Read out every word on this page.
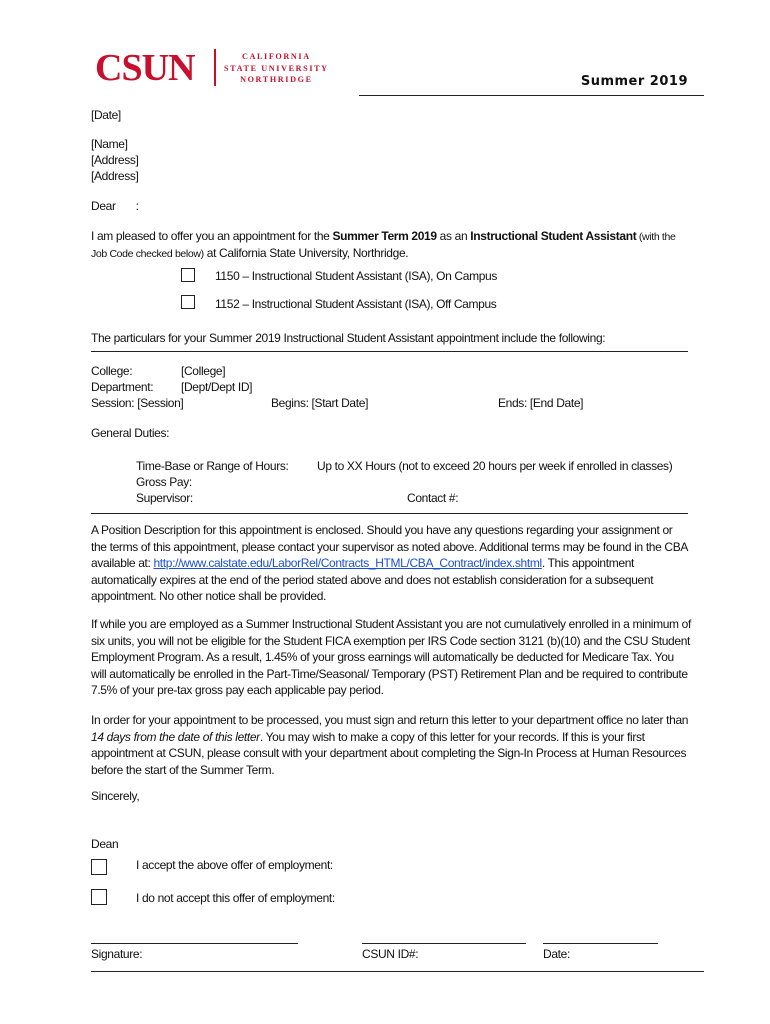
CSUN	CALIFORNIA
STATE UNIVERSITY
NORTHRIDGE	Summer 2019
[Date]
[Name]
[Address]
[Address]
Dear :
I am pleased to offer you an appointment for the Summer Term 2019 as an Instructional Student Assistant (with the
Job Code checked below) at California State University, Northridge.
1150 – Instructional Student Assistant (ISA), On Campus
1152 – Instructional Student Assistant (ISA), Off Campus
The particulars for your Summer 2019 Instructional Student Assistant appointment include the following:
College:	[College]
Department: [Dept/Dept ID]
Session: [Session]	Begins: [Start Date]	Ends: [End Date]
General Duties:
Time-Base or Range of Hours: Up to XX Hours (not to exceed 20 hours per week if enrolled in classes)
Gross Pay:
Supervisor:	Contact #:
A Position Description for this appointment is enclosed. Should you have any questions regarding your assignment or
the terms of this appointment, please contact your supervisor as noted above. Additional terms may be found in the CBA
available at: http://www.calstate.edu/LaborRel/Contracts_HTML/CBA_Contract/index.shtml. This appointment
automatically expires at the end of the period stated above and does not establish consideration for a subsequent
appointment. No other notice shall be provided.
If while you are employed as a Summer Instructional Student Assistant you are not cumulatively enrolled in a minimum of
six units, you will not be eligible for the Student FICA exemption per IRS Code section 3121 (b)(10) and the CSU Student
Employment Program. As a result, 1.45% of your gross earnings will automatically be deducted for Medicare Tax. You
will automatically be enrolled in the Part-Time/Seasonal/ Temporary (PST) Retirement Plan and be required to contribute
7.5% of your pre-tax gross pay each applicable pay period.
In order for your appointment to be processed, you must sign and return this letter to your department office no later than
14 days from the date of this letter. You may wish to make a copy of this letter for your records. If this is your first
appointment at CSUN, please consult with your department about completing the Sign-In Process at Human Resources
before the start of the Summer Term.
Sincerely,
Dean
I accept the above offer of employment:
I do not accept this offer of employment:
Signature:	CSUN ID#:	Date:
